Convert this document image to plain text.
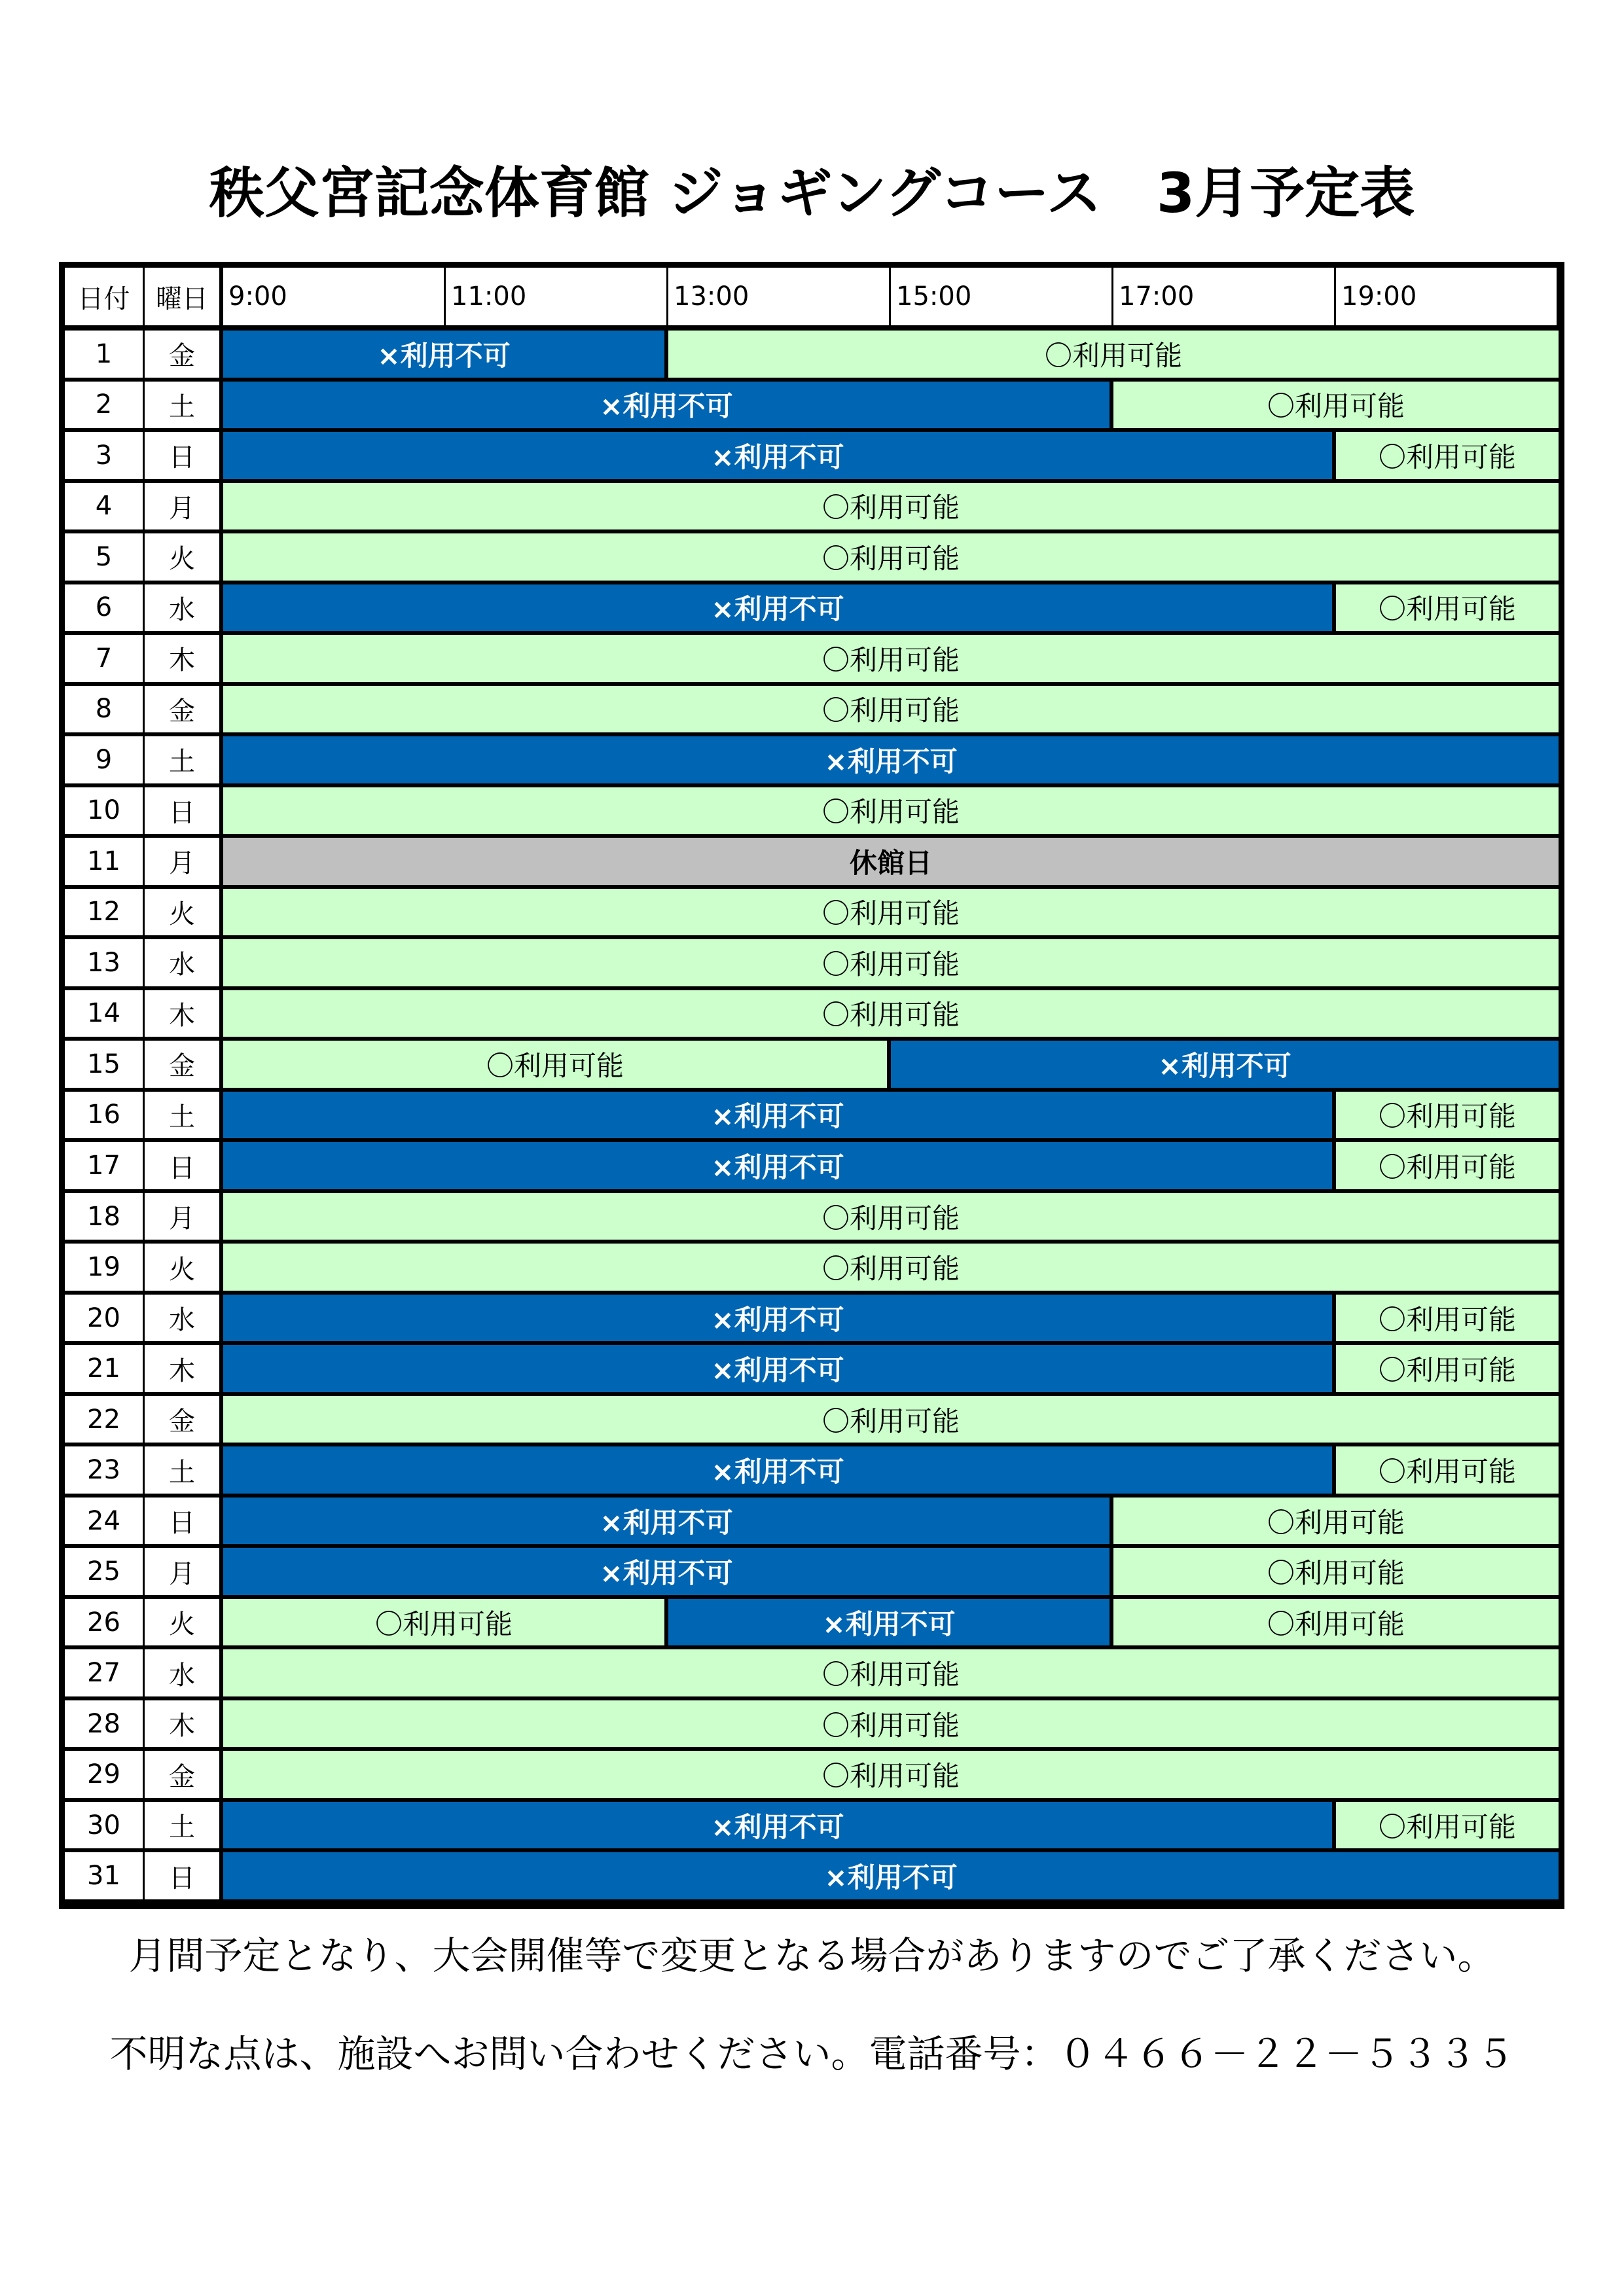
秩父宮記念体育館 ジョギングコース　3月予定表
日付 曜日 9:00	11:00	13:00	15:00	17:00	19:00
1	金	×利用不可	〇利用可能
2	土	×利用不可	〇利用可能
3	日	×利用不可	〇利用可能
4	月	〇利用可能
5	火	〇利用可能
6	水	×利用不可	〇利用可能
7	木	〇利用可能
8	金	〇利用可能
9	土	×利用不可
10	日	〇利用可能
11	月	休館日
12	火	〇利用可能
13	水	〇利用可能
14	木	〇利用可能
15	金	〇利用可能	×利用不可
16	土	×利用不可	〇利用可能
17	日	×利用不可	〇利用可能
18	月	〇利用可能
19	火	〇利用可能
20	水	×利用不可	〇利用可能
21	木	×利用不可	〇利用可能
22	金	〇利用可能
23	土	×利用不可	〇利用可能
24	日	×利用不可	〇利用可能
25	月	×利用不可	〇利用可能
26	火	〇利用可能	×利用不可	〇利用可能
27	水	〇利用可能
28	木	〇利用可能
29	金	〇利用可能
30	土	×利用不可	〇利用可能
31	日	×利用不可
月間予定となり、大会開催等で変更となる場合がありますのでご了承ください。
不明な点は、施設へお問い合わせください。電話番号：０４６６－２２－５３３５
